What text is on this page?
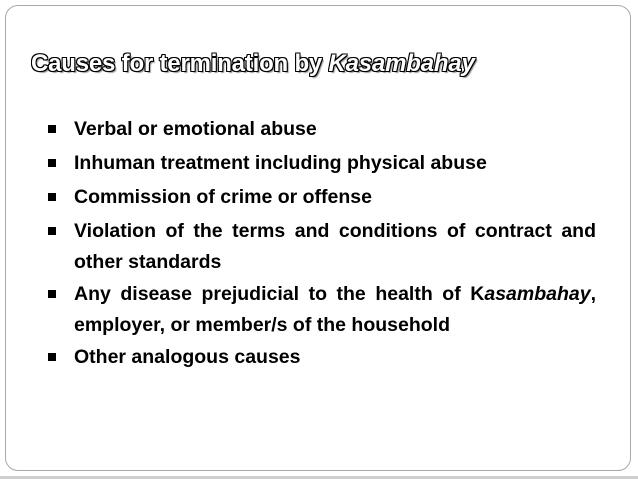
Causes for termination by Kasambahay
Verbal or emotional abuse
Inhuman treatment including physical abuse
Commission of crime or offense
Violation of the terms and conditions of contract and other standards
Any disease prejudicial to the health of Kasambahay, employer, or member/s of the household
Other analogous causes
